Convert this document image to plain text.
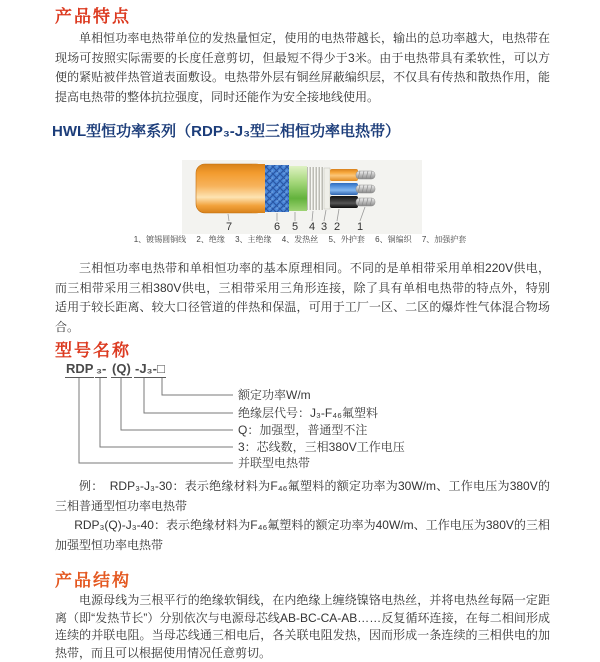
产品特点

单相恒功率电热带单位的发热量恒定，使用的电热带越长，输出的总功率越大，电热带在现场可按照实际需要的长度任意剪切，但最短不得少于3米。由于电热带具有柔软性，可以方便的紧贴被伴热管道表面敷设。电热带外层有铜丝屏蔽编织层，不仅具有传热和散热作用，能提高电热带的整体抗拉强度，同时还能作为安全接地线使用。

HWL型恒功率系列（RDP₃-J₃型三相恒功率电热带）
7	6 5 4 3 2 1
1、镀锡圆铜线 2、绝缘 3、主绝缘 4、发热丝 5、外护套 6、铜编织 7、加强护套

三相恒功率电热带和单相恒功率的基本原理相同。不同的是单相带采用单相220V供电，而三相带采用三相380V供电，三相带采用三角形连接，除了具有单相电热带的特点外，特别适用于较长距离、较大口径管道的伴热和保温，可用于工厂一区、二区的爆炸性气体混合物场合。

型号名称
RDP ₃- (Q) -J₃- □
额定功率W/m
绝缘层代号：J₃-F₄₆氟塑料
Q：加强型，普通型不注
3：芯线数，三相380V工作电压
并联型电热带

例：　RDP₃-J₃-30：表示绝缘材料为F₄₆氟塑料的额定功率为30W/m、工作电压为380V的三相普通型恒功率电热带

RDP₃(Q)-J₃-40：表示绝缘材料为F₄₆氟塑料的额定功率为40W/m、工作电压为380V的三相加强型恒功率电热带

产品结构

电源母线为三根平行的绝缘软铜线，在内绝缘上缠绕镍铬电热丝，并将电热丝每隔一定距离（即“发热节长”）分别依次与电源母芯线AB-BC-CA-AB……反复循环连接，在每二相间形成连续的并联电阻。当母芯线通三相电后，各关联电阻发热，因而形成一条连续的三相供电的加热带，而且可以根据使用情况任意剪切。
